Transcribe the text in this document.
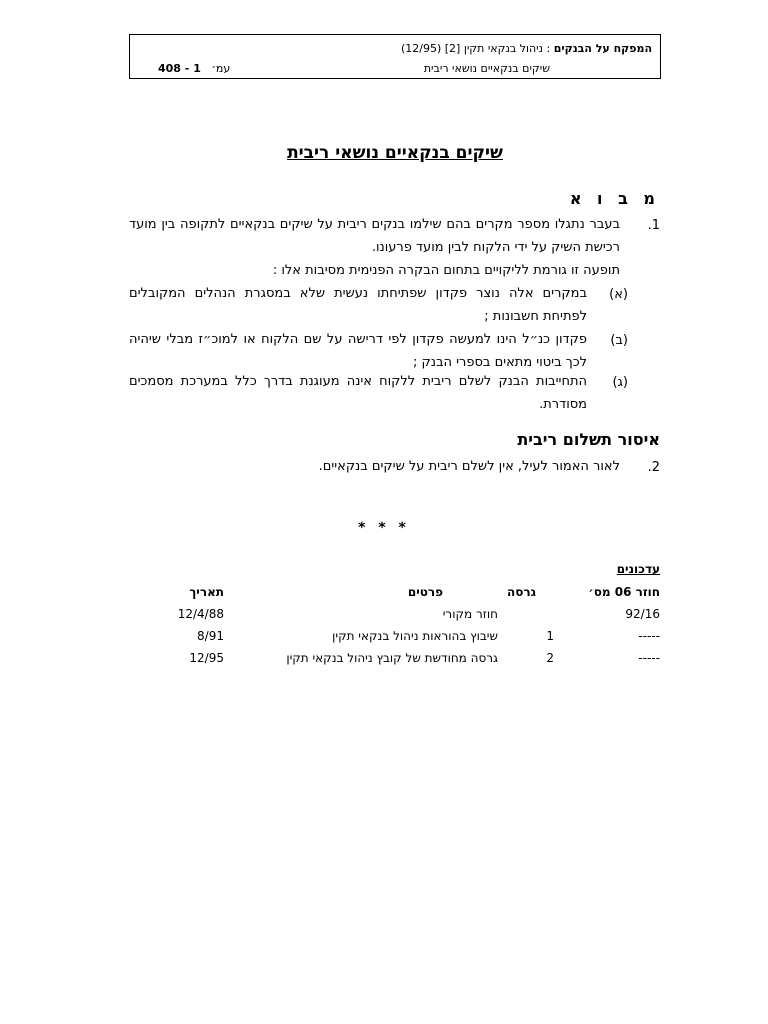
המפקח על הבנקים : ניהול בנקאי תקין [2] (12/95)
שיקים בנקאיים נושאי ריבית
עמ׳   1 - 408
שיקים בנקאיים נושאי ריבית
מ ב ו א
1.
בעבר נתגלו מספר מקרים בהם שילמו בנקים ריבית על שיקים בנקאיים לתקופה בין מועד רכישת השיק על ידי הלקוח לבין מועד פרעונו.
תופעה זו גורמת לליקויים בתחום הבקרה הפנימית מסיבות אלו :
(א)
במקרים אלה נוצר פקדון שפתיחתו נעשית שלא במסגרת הנהלים המקובלים לפתיחת חשבונות ;
(ב)
פקדון כנ״ל הינו למעשה פקדון לפי דרישה על שם הלקוח או למוכ״ז מבלי שיהיה לכך ביטוי מתאים בספרי הבנק ;
(ג)
התחייבות הבנק לשלם ריבית ללקוח אינה מעוגנת בדרך כלל במערכת מסמכים מסודרת.
איסור תשלום ריבית
2.
לאור האמור לעיל, אין לשלם ריבית על שיקים בנקאיים.
* * *
עדכונים
חוזר 06 מס׳
גרסה
פרטים
תאריך
92/16
חוזר מקורי
12/4/88
-----
1
שיבוץ בהוראות ניהול בנקאי תקין
8/91
-----
2
גרסה מחודשת של קובץ ניהול בנקאי תקין
12/95
